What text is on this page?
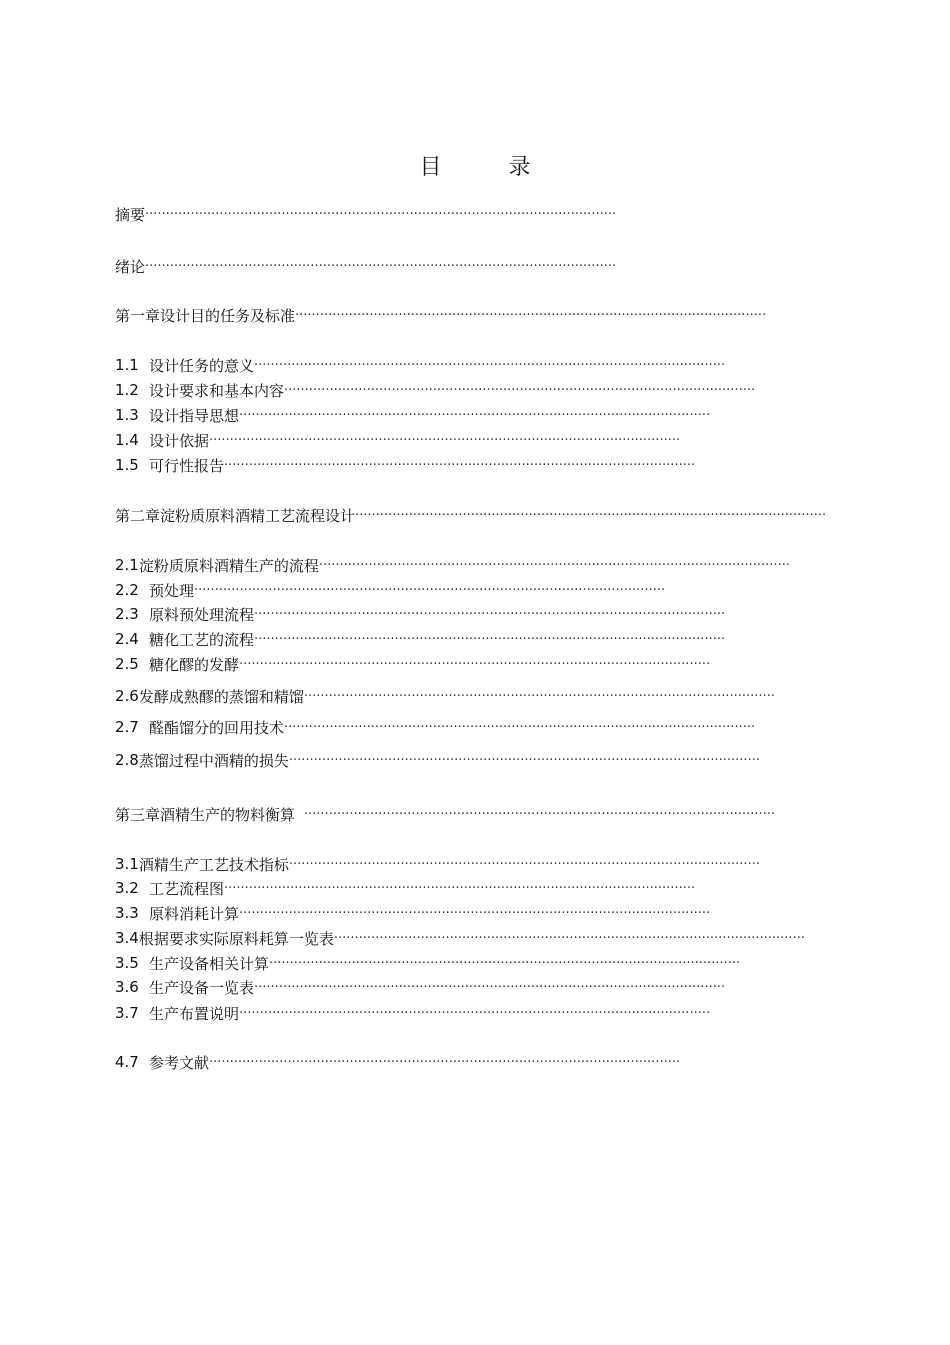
目 录
摘要 ··················································································································
绪论 ··················································································································
第一章设计目的任务及标准 ··················································································································
1.1 设计任务的意义 ··················································································································
1.2 设计要求和基本内容 ··················································································································
1.3 设计指导思想 ··················································································································
1.4 设计依据 ··················································································································
1.5 可行性报告 ··················································································································
第二章淀粉质原料酒精工艺流程设计 ··················································································································
2.1 淀粉质原料酒精生产的流程 ··················································································································
2.2 预处理 ··················································································································
2.3 原料预处理流程 ··················································································································
2.4 糖化工艺的流程 ··················································································································
2.5 糖化醪的发酵 ··················································································································
2.6 发酵成熟醪的蒸馏和精馏 ··················································································································
2.7 醛酯馏分的回用技术 ··················································································································
2.8 蒸馏过程中酒精的损失 ··················································································································
第三章酒精生产的物料衡算 ··················································································································
3.1 酒精生产工艺技术指标 ··················································································································
3.2 工艺流程图 ··················································································································
3.3 原料消耗计算 ··················································································································
3.4 根据要求实际原料耗算一览表 ··················································································································
3.5 生产设备相关计算 ··················································································································
3.6 生产设备一览表 ··················································································································
3.7 生产布置说明 ··················································································································
4.7 参考文献 ··················································································································
